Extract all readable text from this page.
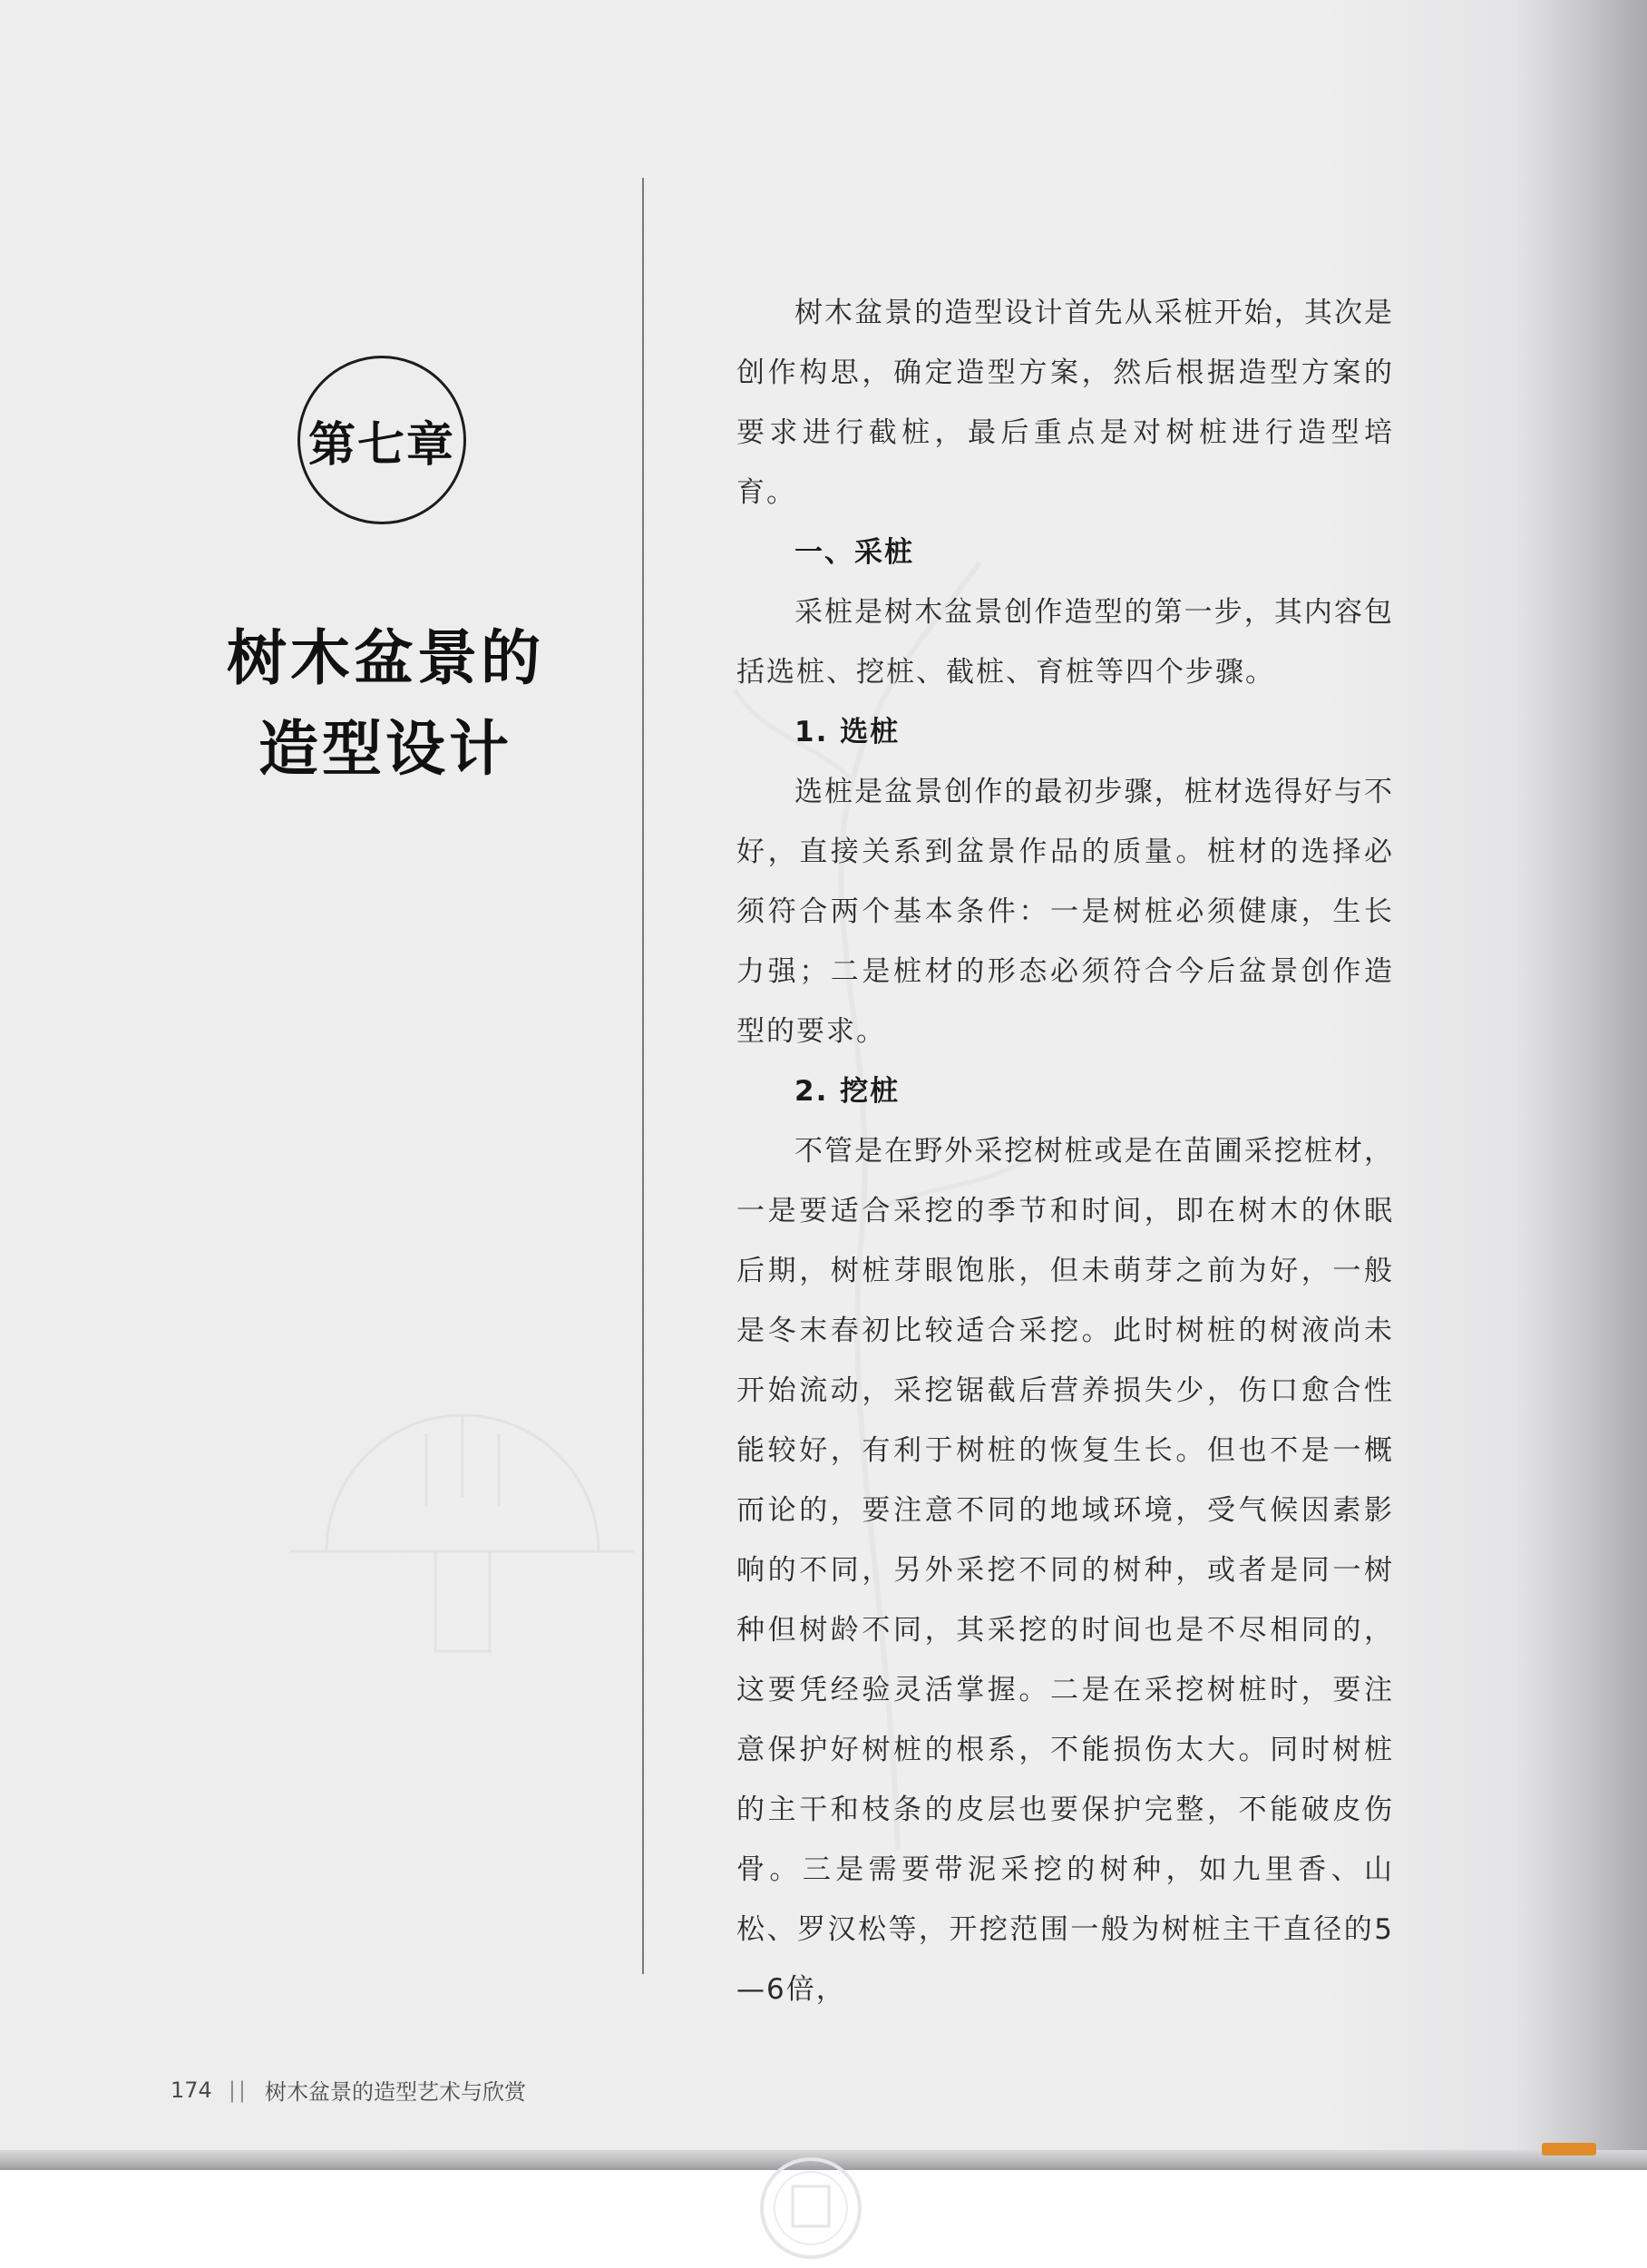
第七章
树木盆景的
造型设计

树木盆景的造型设计首先从采桩开始，其次是创作构思，确定造型方案，然后根据造型方案的要求进行截桩，最后重点是对树桩进行造型培育。

一、采桩

采桩是树木盆景创作造型的第一步，其内容包括选桩、挖桩、截桩、育桩等四个步骤。

1. 选桩

选桩是盆景创作的最初步骤，桩材选得好与不好，直接关系到盆景作品的质量。桩材的选择必须符合两个基本条件：一是树桩必须健康，生长力强；二是桩材的形态必须符合今后盆景创作造型的要求。

2. 挖桩

不管是在野外采挖树桩或是在苗圃采挖桩材，一是要适合采挖的季节和时间，即在树木的休眠后期，树桩芽眼饱胀，但未萌芽之前为好，一般是冬末春初比较适合采挖。此时树桩的树液尚未开始流动，采挖锯截后营养损失少，伤口愈合性能较好，有利于树桩的恢复生长。但也不是一概而论的，要注意不同的地域环境，受气候因素影响的不同，另外采挖不同的树种，或者是同一树种但树龄不同，其采挖的时间也是不尽相同的，这要凭经验灵活掌握。二是在采挖树桩时，要注意保护好树桩的根系，不能损伤太大。同时树桩的主干和枝条的皮层也要保护完整，不能破皮伤骨。三是需要带泥采挖的树种，如九里香、山松、罗汉松等，开挖范围一般为树桩主干直径的5—6倍，

174 || 树木盆景的造型艺术与欣赏
